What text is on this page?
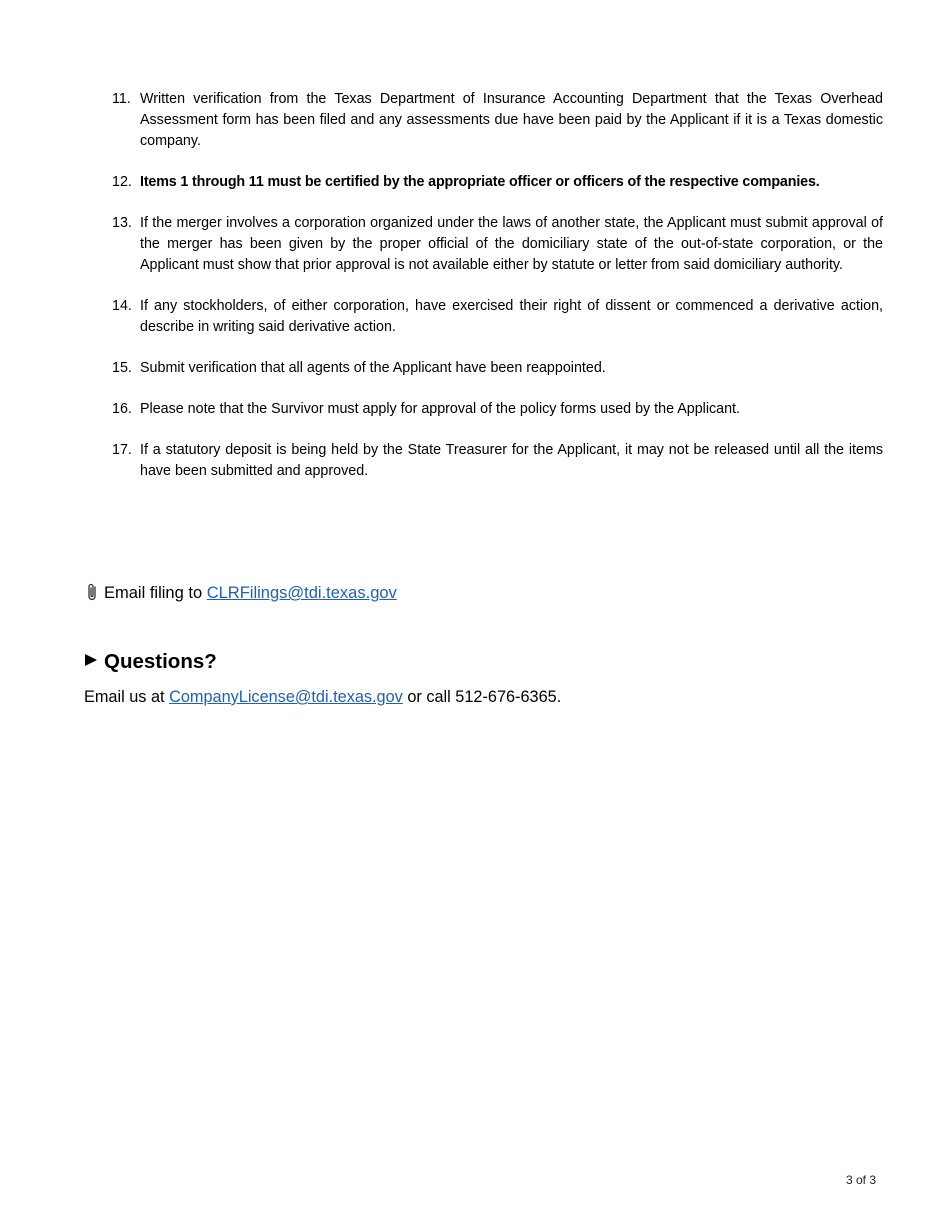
11. Written verification from the Texas Department of Insurance Accounting Department that the Texas Overhead Assessment form has been filed and any assessments due have been paid by the Applicant if it is a Texas domestic company.
12. Items 1 through 11 must be certified by the appropriate officer or officers of the respective companies.
13. If the merger involves a corporation organized under the laws of another state, the Applicant must submit approval of the merger has been given by the proper official of the domiciliary state of the out-of-state corporation, or the Applicant must show that prior approval is not available either by statute or letter from said domiciliary authority.
14. If any stockholders, of either corporation, have exercised their right of dissent or commenced a derivative action, describe in writing said derivative action.
15. Submit verification that all agents of the Applicant have been reappointed.
16. Please note that the Survivor must apply for approval of the policy forms used by the Applicant.
17. If a statutory deposit is being held by the State Treasurer for the Applicant, it may not be released until all the items have been submitted and approved.
Email filing to CLRFilings@tdi.texas.gov
Questions?
Email us at CompanyLicense@tdi.texas.gov or call 512-676-6365.
3 of 3
